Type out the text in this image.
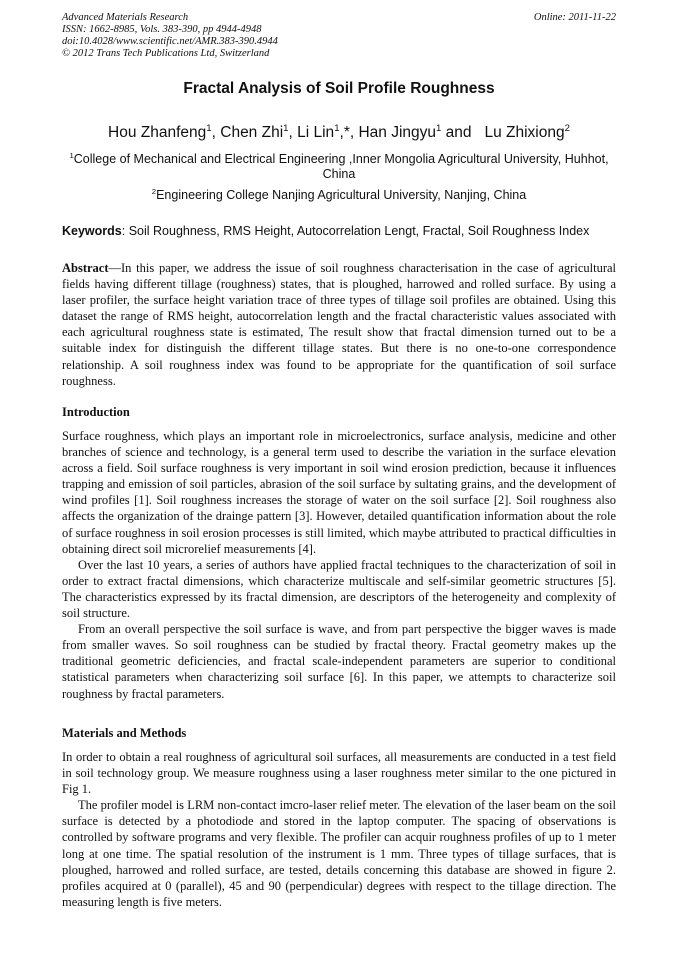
Advanced Materials Research
ISSN: 1662-8985, Vols. 383-390, pp 4944-4948
doi:10.4028/www.scientific.net/AMR.383-390.4944
© 2012 Trans Tech Publications Ltd, Switzerland
Online: 2011-11-22
Fractal Analysis of Soil Profile Roughness
Hou Zhanfeng$^1$, Chen Zhi$^1$, Li Lin$^1$,*, Han Jingyu$^1$ and   Lu Zhixiong$^2$
$^1$College of Mechanical and Electrical Engineering ,Inner Mongolia Agricultural University, Huhhot, China
$^2$Engineering College Nanjing Agricultural University, Nanjing, China
Keywords: Soil Roughness, RMS Height, Autocorrelation Lengt, Fractal, Soil Roughness Index

Abstract—In this paper, we address the issue of soil roughness characterisation in the case of agricultural fields having different tillage (roughness) states, that is ploughed, harrowed and rolled surface. By using a laser profiler, the surface height variation trace of three types of tillage soil profiles are obtained. Using this dataset the range of RMS height, autocorrelation length and the fractal characteristic values associated with each agricultural roughness state is estimated, The result show that fractal dimension turned out to be a suitable index for distinguish the different tillage states. But there is no one-to-one correspondence relationship. A soil roughness index was found to be appropriate for the quantification of soil surface roughness.

Introduction

Surface roughness, which plays an important role in microelectronics, surface analysis, medicine and other branches of science and technology, is a general term used to describe the variation in the surface elevation across a field. Soil surface roughness is very important in soil wind erosion prediction, because it influences trapping and emission of soil particles, abrasion of the soil surface by sultating grains, and the development of wind profiles [1]. Soil roughness increases the storage of water on the soil surface [2]. Soil roughness also affects the organization of the drainge pattern [3]. However, detailed quantification information about the role of surface roughness in soil erosion processes is still limited, which maybe attributed to practical difficulties in obtaining direct soil microrelief measurements [4].

Over the last 10 years, a series of authors have applied fractal techniques to the characterization of soil in order to extract fractal dimensions, which characterize multiscale and self-similar geometric structures [5]. The characteristics expressed by its fractal dimension, are descriptors of the heterogeneity and complexity of soil structure.

From an overall perspective the soil surface is wave, and from part perspective the bigger waves is made from smaller waves. So soil roughness can be studied by fractal theory. Fractal geometry makes up the traditional geometric deficiencies, and fractal scale-independent parameters are superior to conditional statistical parameters when characterizing soil surface [6]. In this paper, we attempts to characterize soil roughness by fractal parameters.

Materials and Methods

In order to obtain a real roughness of agricultural soil surfaces, all measurements are conducted in a test field in soil technology group. We measure roughness using a laser roughness meter similar to the one pictured in Fig 1.

The profiler model is LRM non-contact imcro-laser relief meter. The elevation of the laser beam on the soil surface is detected by a photodiode and stored in the laptop computer. The spacing of observations is controlled by software programs and very flexible. The profiler can acquir roughness profiles of up to 1 meter long at one time. The spatial resolution of the instrument is 1 mm. Three types of tillage surfaces, that is ploughed, harrowed and rolled surface, are tested, details concerning this database are showed in figure 2. profiles acquired at 0 (parallel), 45 and 90 (perpendicular) degrees with respect to the tillage direction. The measuring length is five meters.
